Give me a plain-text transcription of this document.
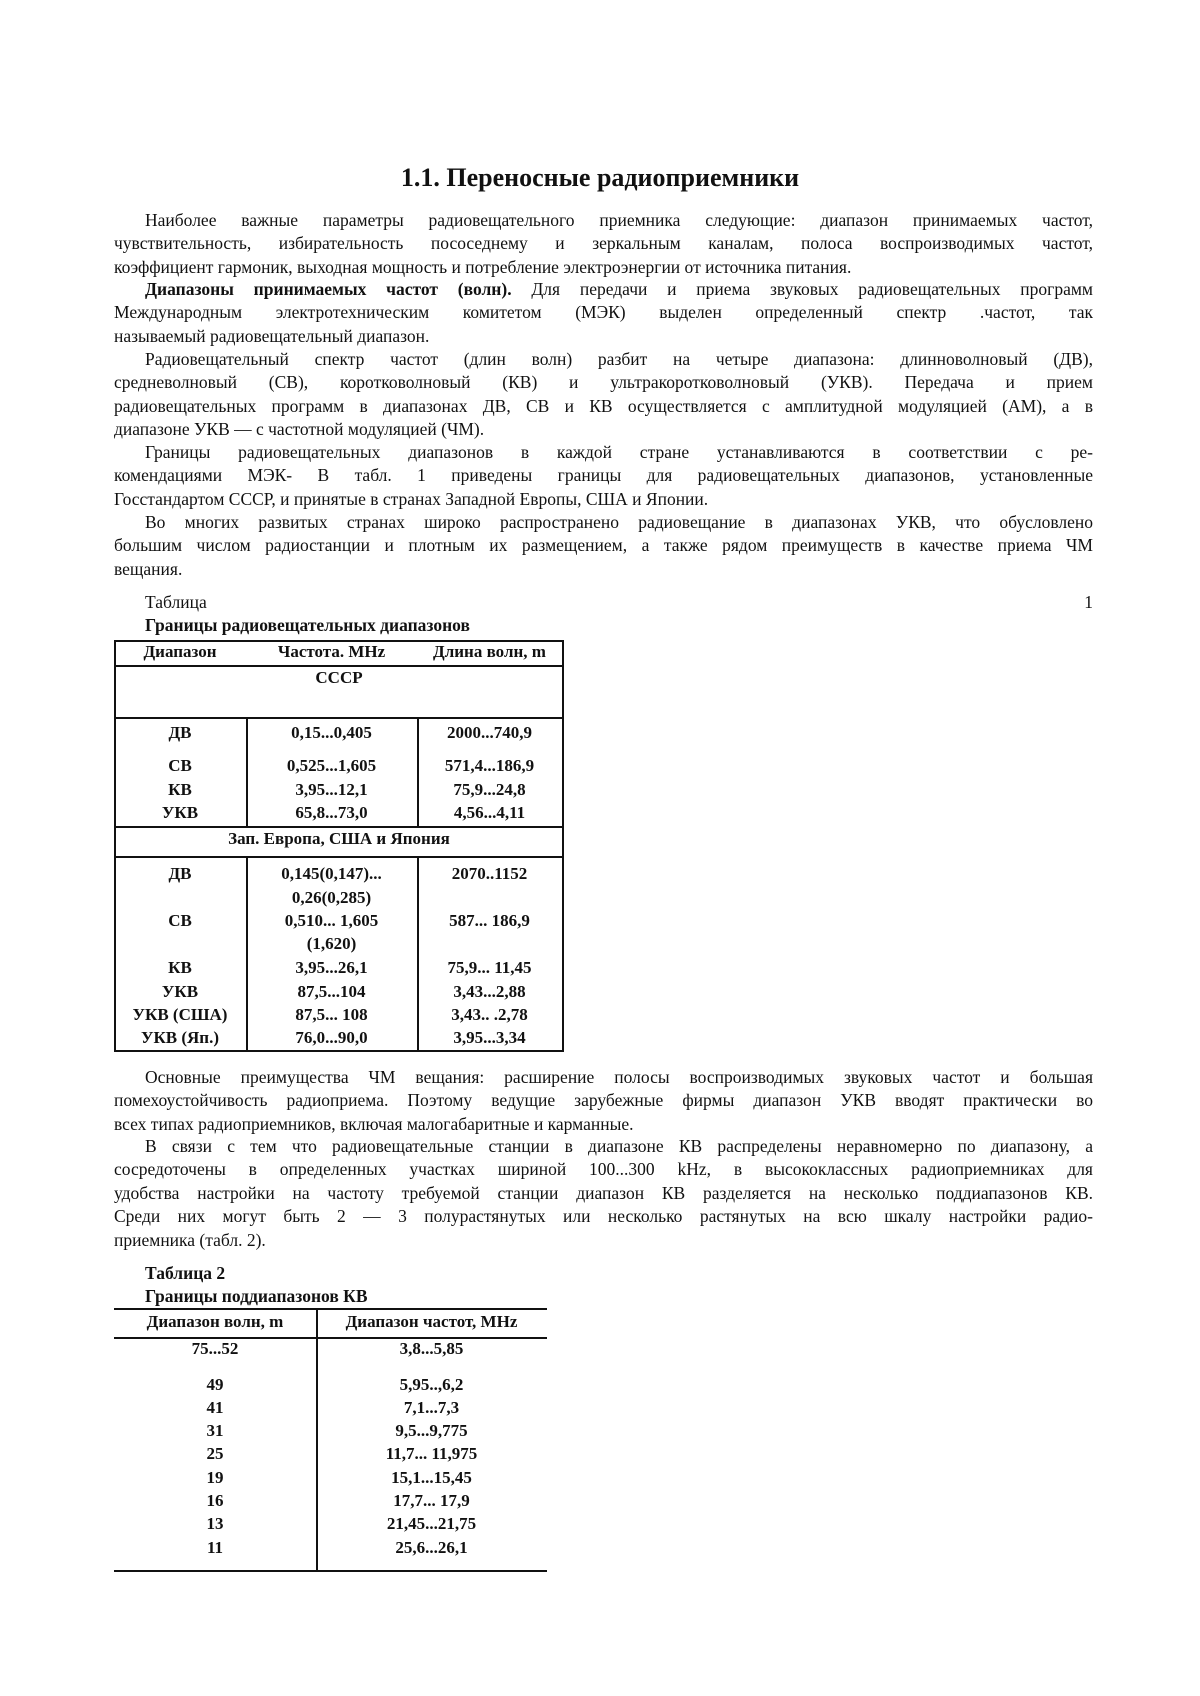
1.1. Переносные радиоприемники
Наиболее важные параметры радиовещательного приемника следующие: диапазон принимаемых частот,
чувствительность, избирательность пососеднему и зеркальным каналам, полоса воспроизводимых частот,
коэффициент гармоник, выходная мощность и потребление электроэнергии от источника питания.
Диапазоны принимаемых частот (волн). Для передачи и приема звуковых радиовещательных программ
Международным электротехническим комитетом (МЭК) выделен определенный спектр .частот, так
называемый радиовещательный диапазон.
Радиовещательный спектр частот (длин волн) разбит на четыре диапазона: длинноволновый (ДВ),
средневолновый (СВ), коротковолновый (КВ) и ультракоротковолновый (УКВ). Передача и прием
радиовещательных программ в диапазонах ДВ, СВ и КВ осуществляется с амплитудной модуляцией (АМ), а в
диапазоне УКВ — с частотной модуляцией (ЧМ).
Границы радиовещательных диапазонов в каждой стране устанавливаются в соответствии с ре-
комендациями МЭК- В табл. 1 приведены границы для радиовещательных диапазонов, установленные
Госстандартом СССР, и принятые в странах Западной Европы, США и Японии.
Во многих развитых странах широко распространено радиовещание в диапазонах УКВ, что обусловлено
большим числом радиостанции и плотным их размещением, а также рядом преимуществ в качестве приема ЧМ
вещания.
Основные преимущества ЧМ вещания: расширение полосы воспроизводимых звуковых частот и большая
помехоустойчивость радиоприема. Поэтому ведущие зарубежные фирмы диапазон УКВ вводят практически во
всех типах радиоприемников, включая малогабаритные и карманные.
В связи с тем что радиовещательные станции в диапазоне КВ распределены неравномерно по диапазону, а
сосредоточены в определенных участках шириной 100...300 kHz, в высококлассных радиоприемниках для
удобства настройки на частоту требуемой станции диапазон КВ разделяется на несколько поддиапазонов КВ.
Среди них могут быть 2 — 3 полурастянутых или несколько растянутых на всю шкалу настройки радио-
приемника (табл. 2).
Таблица 1
Границы радиовещательных диапазонов
Диапазон	Частота. MHz	Длина волн, m
СССР
ДВ	0,15...0,405	2000...740,9
СВ	0,525...1,605	571,4...186,9
КВ	3,95...12,1	75,9...24,8
УКВ	65,8...73,0	4,56...4,11
Зап. Европа, США и Япония
ДВ	0,145(0,147)...	2070..1152
0,26(0,285)
СВ	0,510... 1,605	587... 186,9
(1,620)
КВ	3,95...26,1	75,9... 11,45
УКВ	87,5...104	3,43...2,88
УКВ (США)	87,5... 108	3,43.. .2,78
УКВ (Яп.)	76,0...90,0	3,95...3,34
Таблица 2
Границы поддиапазонов КВ
Диапазон волн, m	Диапазон частот, MHz
75...52	3,8...5,85
49	5,95..,6,2
41	7,1...7,3
31	9,5...9,775
25	11,7... 11,975
19	15,1...15,45
16	17,7... 17,9
13	21,45...21,75
11	25,6...26,1
